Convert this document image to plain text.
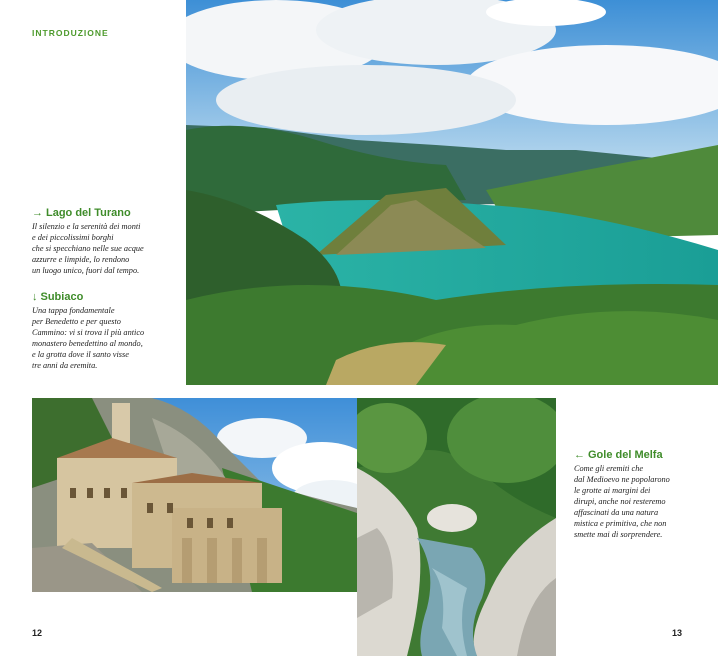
INTRODUZIONE
→ Lago del Turano

Il silenzio e la serenità dei monti
e dei piccolissimi borghi
che si specchiano nelle sue acque
azzurre e limpide, lo rendono
un luogo unico, fuori dal tempo.

↓ Subiaco

Una tappa fondamentale
per Benedetto e per questo
Cammino: vi si trova il più antico
monastero benedettino al mondo,
e la grotta dove il santo visse
tre anni da eremita.

← Gole del Melfa

Come gli eremiti che
dal Medioevo ne popolarono
le grotte ai margini dei
dirupi, anche noi resteremo
affascinati da una natura
mistica e primitiva, che non
smette mai di sorprendere.

12	13
